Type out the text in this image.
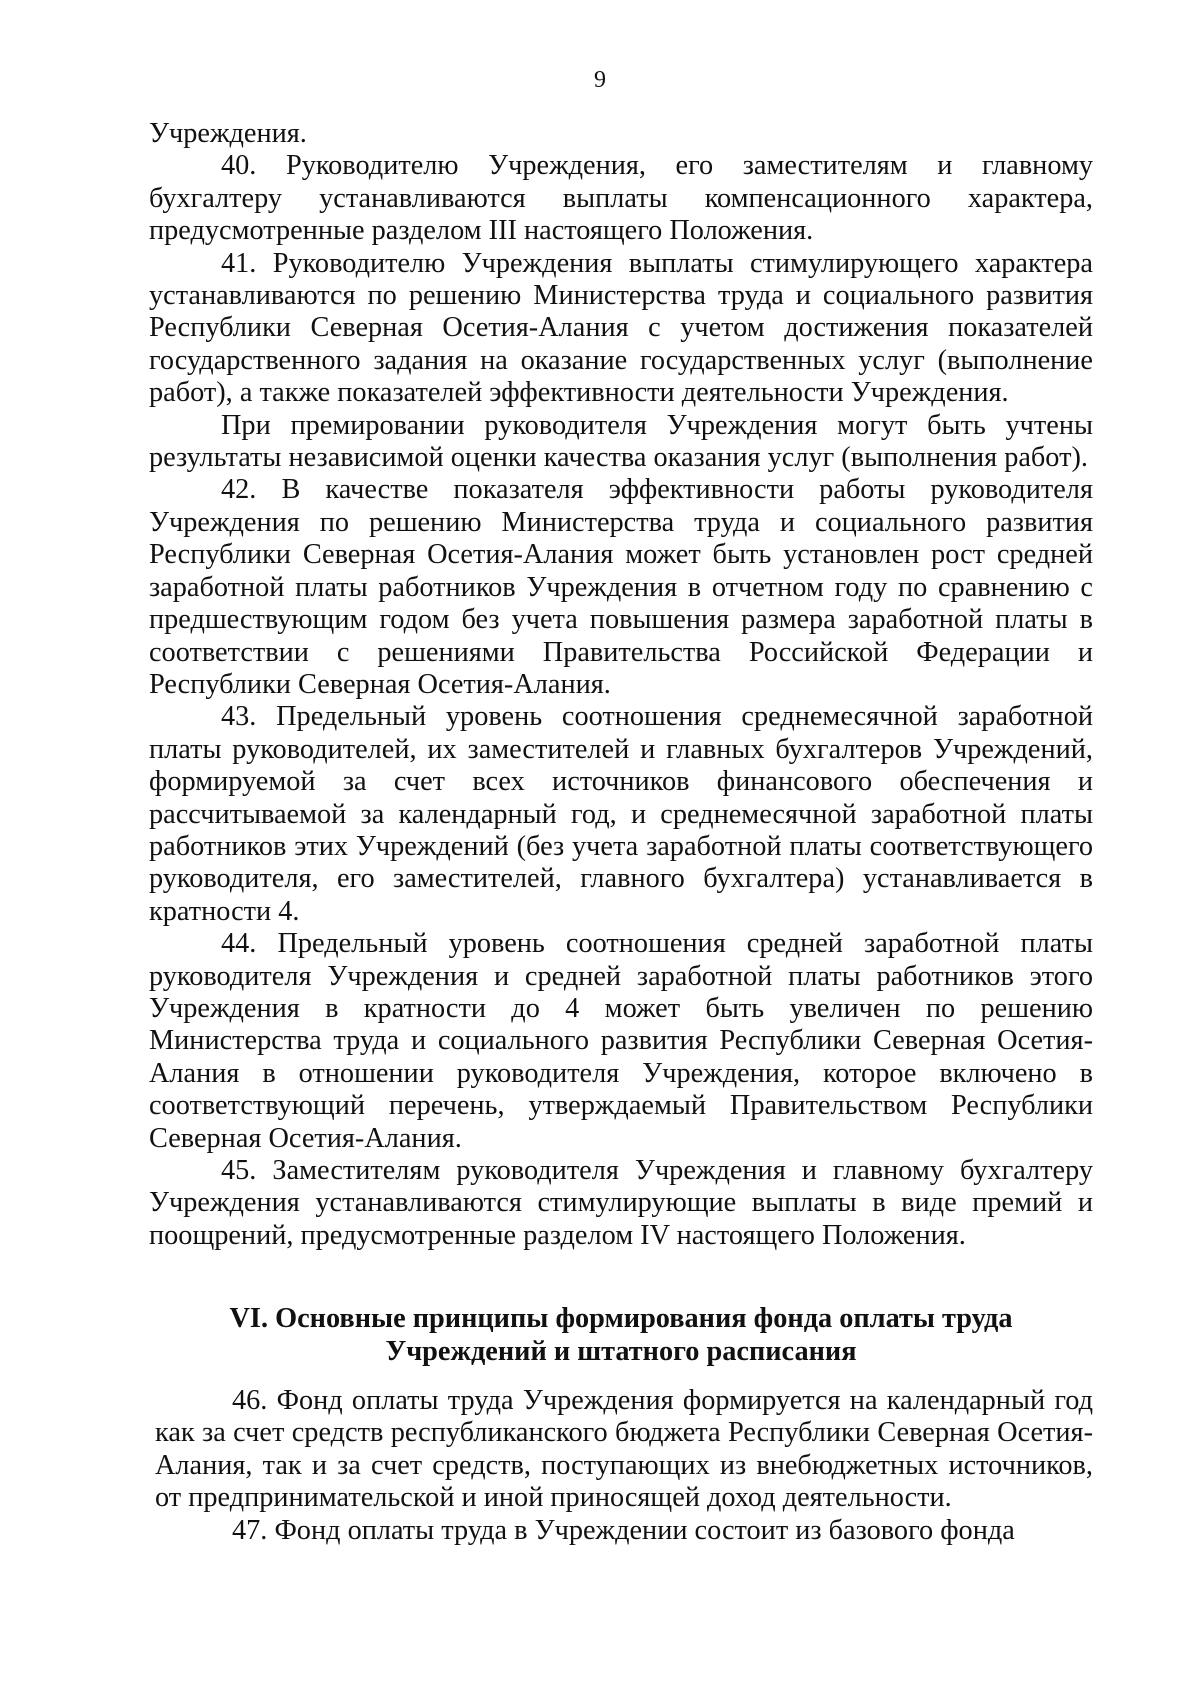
9

Учреждения.

40. Руководителю Учреждения, его заместителям и главному бухгалтеру устанавливаются выплаты компенсационного характера, предусмотренные разделом III настоящего Положения.

41. Руководителю Учреждения выплаты стимулирующего характера устанавливаются по решению Министерства труда и социального развития Республики Северная Осетия-Алания с учетом достижения показателей государственного задания на оказание государственных услуг (выполнение работ), а также показателей эффективности деятельности Учреждения.

При премировании руководителя Учреждения могут быть учтены результаты независимой оценки качества оказания услуг (выполнения работ).

42. В качестве показателя эффективности работы руководителя Учреждения по решению Министерства труда и социального развития Республики Северная Осетия-Алания может быть установлен рост средней заработной платы работников Учреждения в отчетном году по сравнению с предшествующим годом без учета повышения размера заработной платы в соответствии с решениями Правительства Российской Федерации и Республики Северная Осетия-Алания.

43. Предельный уровень соотношения среднемесячной заработной платы руководителей, их заместителей и главных бухгалтеров Учреждений, формируемой за счет всех источников финансового обеспечения и рассчитываемой за календарный год, и среднемесячной заработной платы работников этих Учреждений (без учета заработной платы соответствующего руководителя, его заместителей, главного бухгалтера) устанавливается в кратности 4.

44. Предельный уровень соотношения средней заработной платы руководителя Учреждения и средней заработной платы работников этого Учреждения в кратности до 4 может быть увеличен по решению Министерства труда и социального развития Республики Северная Осетия-Алания в отношении руководителя Учреждения, которое включено в соответствующий перечень, утверждаемый Правительством Республики Северная Осетия-Алания.

45. Заместителям руководителя Учреждения и главному бухгалтеру Учреждения устанавливаются стимулирующие выплаты в виде премий и поощрений, предусмотренные разделом IV настоящего Положения.

VI. Основные принципы формирования фонда оплаты труда
Учреждений и штатного расписания

46. Фонд оплаты труда Учреждения формируется на календарный год как за счет средств республиканского бюджета Республики Северная Осетия-Алания, так и за счет средств, поступающих из внебюджетных источников, от предпринимательской и иной приносящей доход деятельности.

47. Фонд оплаты труда в Учреждении состоит из базового фонда
